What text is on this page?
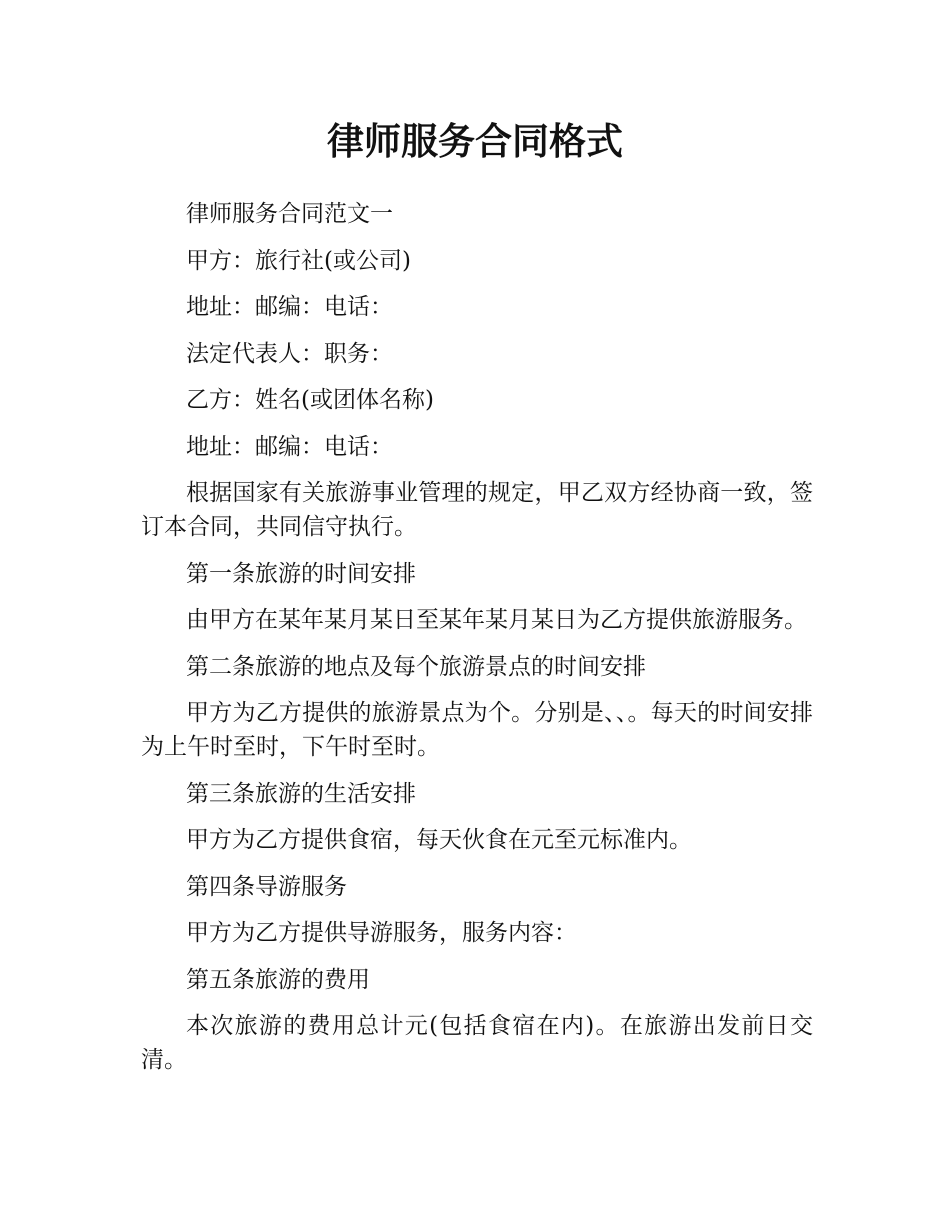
律师服务合同格式

律师服务合同范文一

甲方：旅行社(或公司)

地址：邮编：电话：

法定代表人：职务：

乙方：姓名(或团体名称)

地址：邮编：电话：

根据国家有关旅游事业管理的规定，甲乙双方经协商一致，签订本合同，共同信守执行。

第一条旅游的时间安排

由甲方在某年某月某日至某年某月某日为乙方提供旅游服务。

第二条旅游的地点及每个旅游景点的时间安排

甲方为乙方提供的旅游景点为个。分别是、、。每天的时间安排为上午时至时，下午时至时。

第三条旅游的生活安排

甲方为乙方提供食宿，每天伙食在元至元标准内。

第四条导游服务

甲方为乙方提供导游服务，服务内容：

第五条旅游的费用

本次旅游的费用总计元(包括食宿在内)。在旅游出发前日交清。
